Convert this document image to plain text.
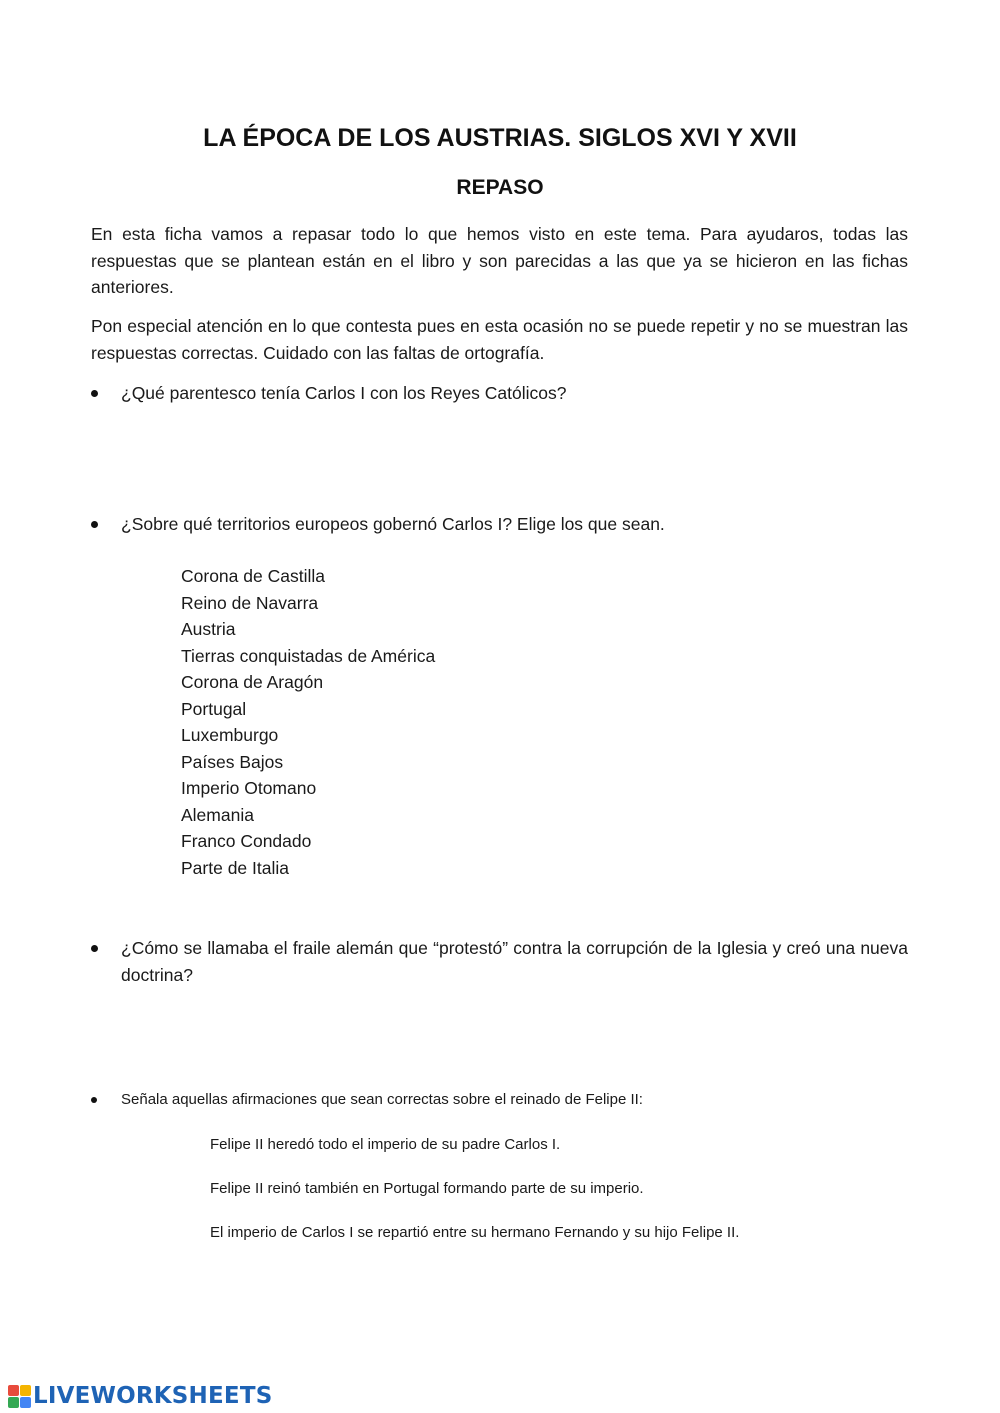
LA ÉPOCA DE LOS AUSTRIAS. SIGLOS XVI Y XVII
REPASO

En esta ficha vamos a repasar todo lo que hemos visto en este tema. Para ayudaros, todas las respuestas que se plantean están en el libro y son parecidas a las que ya se hicieron en las fichas anteriores.

Pon especial atención en lo que contesta pues en esta ocasión no se puede repetir y no se muestran las respuestas correctas. Cuidado con las faltas de ortografía.

¿Qué parentesco tenía Carlos I con los Reyes Católicos?
¿Sobre qué territorios europeos gobernó Carlos I? Elige los que sean.
Corona de Castilla
Reino de Navarra
Austria
Tierras conquistadas de América
Corona de Aragón
Portugal
Luxemburgo
Países Bajos
Imperio Otomano
Alemania
Franco Condado
Parte de Italia
¿Cómo se llamaba el fraile alemán que “protestó” contra la corrupción de la Iglesia y creó una nueva doctrina?
Señala aquellas afirmaciones que sean correctas sobre el reinado de Felipe II:
Felipe II heredó todo el imperio de su padre Carlos I.
Felipe II reinó también en Portugal formando parte de su imperio.
El imperio de Carlos I se repartió entre su hermano Fernando y su hijo Felipe II.
LIVEWORKSHEETS
